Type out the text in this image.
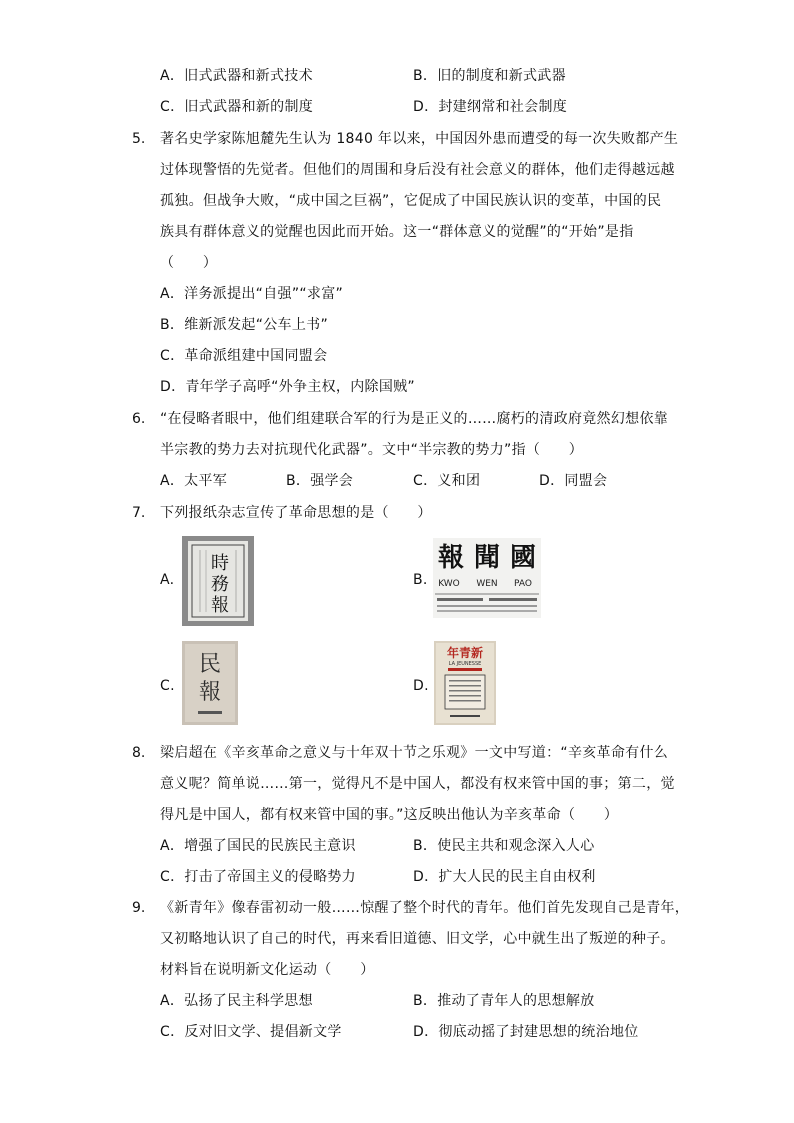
A．旧式武器和新式技术	B．旧的制度和新式武器
C．旧式武器和新的制度	D．封建纲常和社会制度
5. 著名史学家陈旭麓先生认为 1840 年以来，中国因外患而遭受的每一次失败都产生
过体现警悟的先觉者。但他们的周围和身后没有社会意义的群体，他们走得越远越
孤独。但战争大败，“成中国之巨祸”，它促成了中国民族认识的变革，中国的民
族具有群体意义的觉醒也因此而开始。这一“群体意义的觉醒”的“开始”是指
（　　）
A．洋务派提出“自强”“求富”
B．维新派发起“公车上书”
C．革命派组建中国同盟会
D．青年学子高呼“外争主权，内除国贼”
6. “在侵略者眼中，他们组建联合军的行为是正义的……腐朽的清政府竟然幻想依靠
半宗教的势力去对抗现代化武器”。文中“半宗教的势力”指（　　）
A．太平军	B．强学会	C．义和团	D．同盟会
7. 下列报纸杂志宣传了革命思想的是（　　）
A.
時
務
報
B.
報 聞 國
KWO WEN PAO
C.
民
報	D.
年青新
LA JEUNESSE
8. 梁启超在《辛亥革命之意义与十年双十节之乐观》一文中写道：“辛亥革命有什么
意义呢？简单说……第一，觉得凡不是中国人，都没有权来管中国的事；第二，觉
得凡是中国人，都有权来管中国的事。”这反映出他认为辛亥革命（　　）
A．增强了国民的民族民主意识	B．使民主共和观念深入人心
C．打击了帝国主义的侵略势力	D．扩大人民的民主自由权利
9. 《新青年》像春雷初动一般……惊醒了整个时代的青年。他们首先发现自己是青年，
又初略地认识了自己的时代，再来看旧道德、旧文学，心中就生出了叛逆的种子。
材料旨在说明新文化运动（　　）
A．弘扬了民主科学思想	B．推动了青年人的思想解放
C．反对旧文学、提倡新文学	D．彻底动摇了封建思想的统治地位
